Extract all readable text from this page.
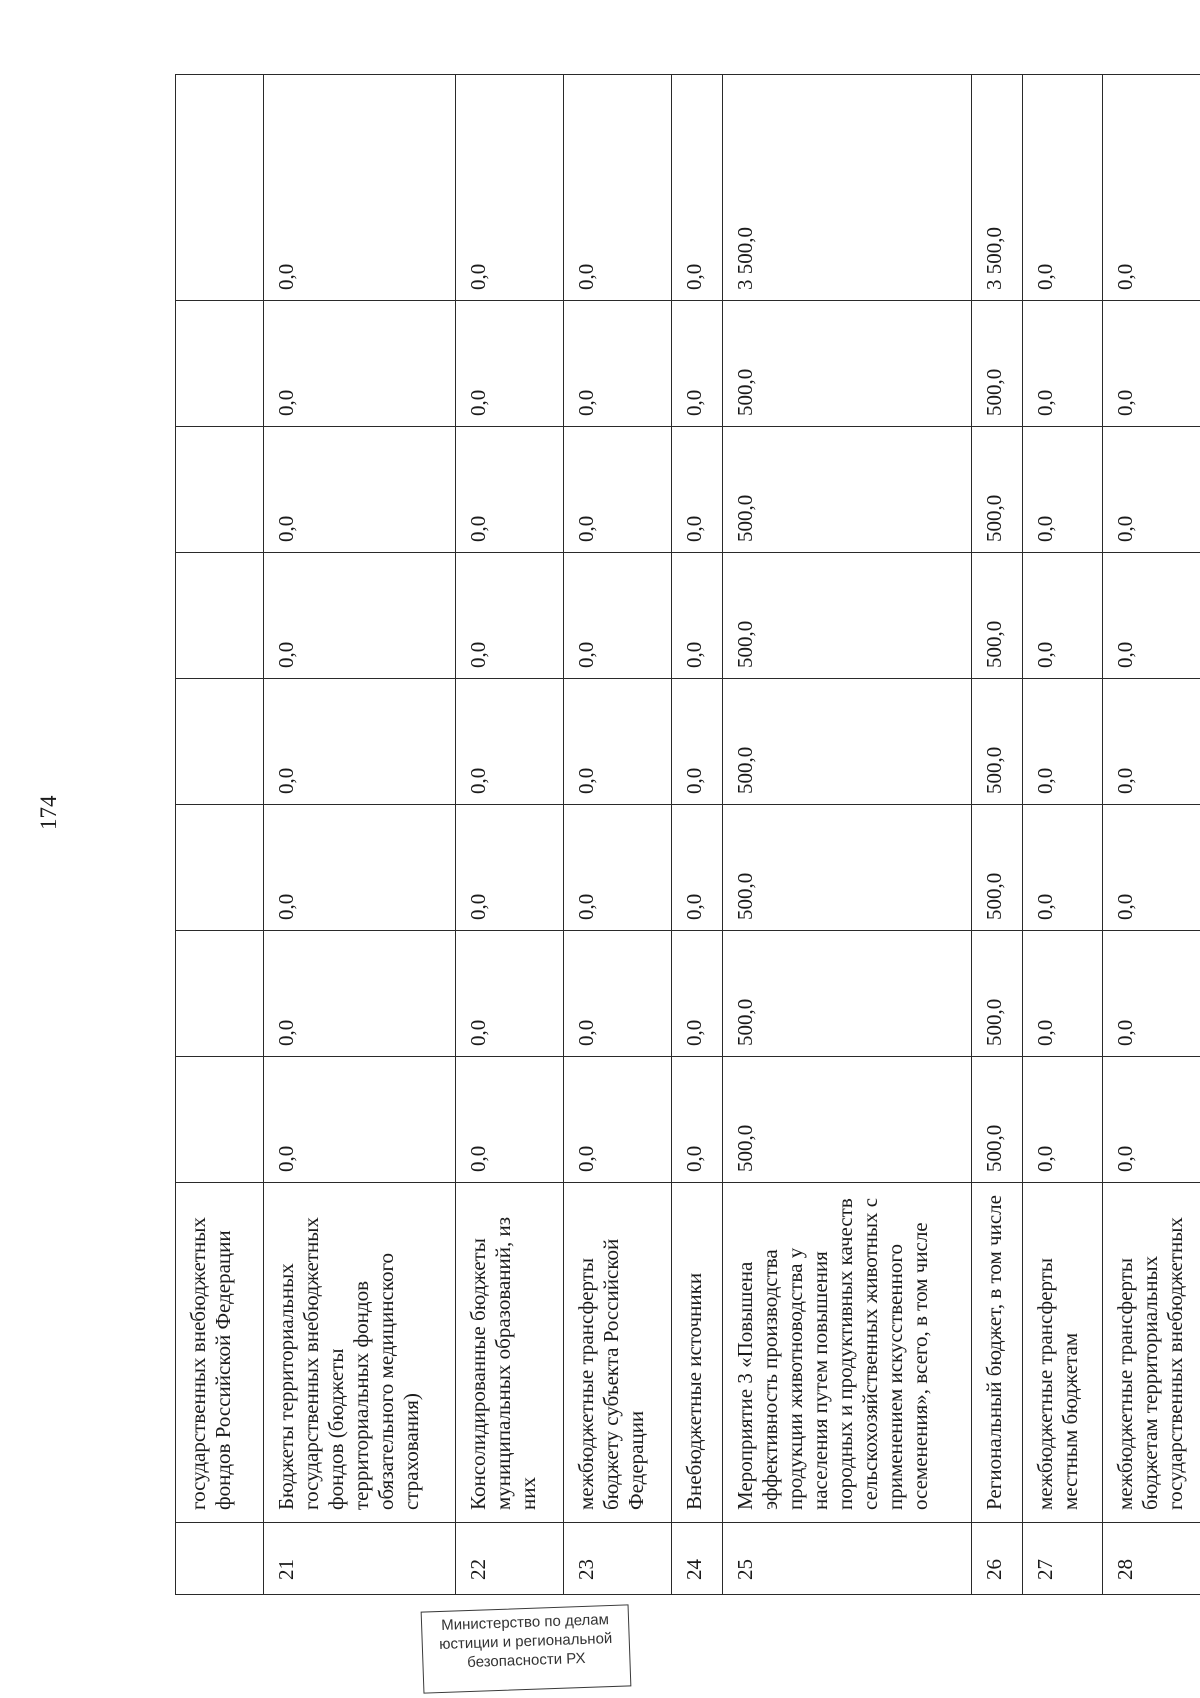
174
	государственных внебюджетных фондов Российской Федерации								
21	Бюджеты территориальных государственных внебюджетных фондов (бюджеты территориальных фондов обязательного медицинского страхования)	0,0	0,0	0,0	0,0	0,0	0,0	0,0	0,0
22	Консолидированные бюджеты муниципальных образований, из них	0,0	0,0	0,0	0,0	0,0	0,0	0,0	0,0
23	межбюджетные трансферты бюджету субъекта Российской Федерации	0,0	0,0	0,0	0,0	0,0	0,0	0,0	0,0
24	Внебюджетные источники	0,0	0,0	0,0	0,0	0,0	0,0	0,0	0,0
25	Мероприятие 3 «Повышена эффективность производства продукции животноводства у населения путем повышения породных и продуктивных качеств сельскохозяйственных животных с применением искусственного осеменения», всего, в том числе	500,0	500,0	500,0	500,0	500,0	500,0	500,0	3 500,0
26	Региональный бюджет, в том числе	500,0	500,0	500,0	500,0	500,0	500,0	500,0	3 500,0
27	межбюджетные трансферты местным бюджетам	0,0	0,0	0,0	0,0	0,0	0,0	0,0	0,0
28	межбюджетные трансферты бюджетам территориальных государственных внебюджетных	0,0	0,0	0,0	0,0	0,0	0,0	0,0	0,0
Министерство по делам
юстиции и региональной
безопасности РХ
